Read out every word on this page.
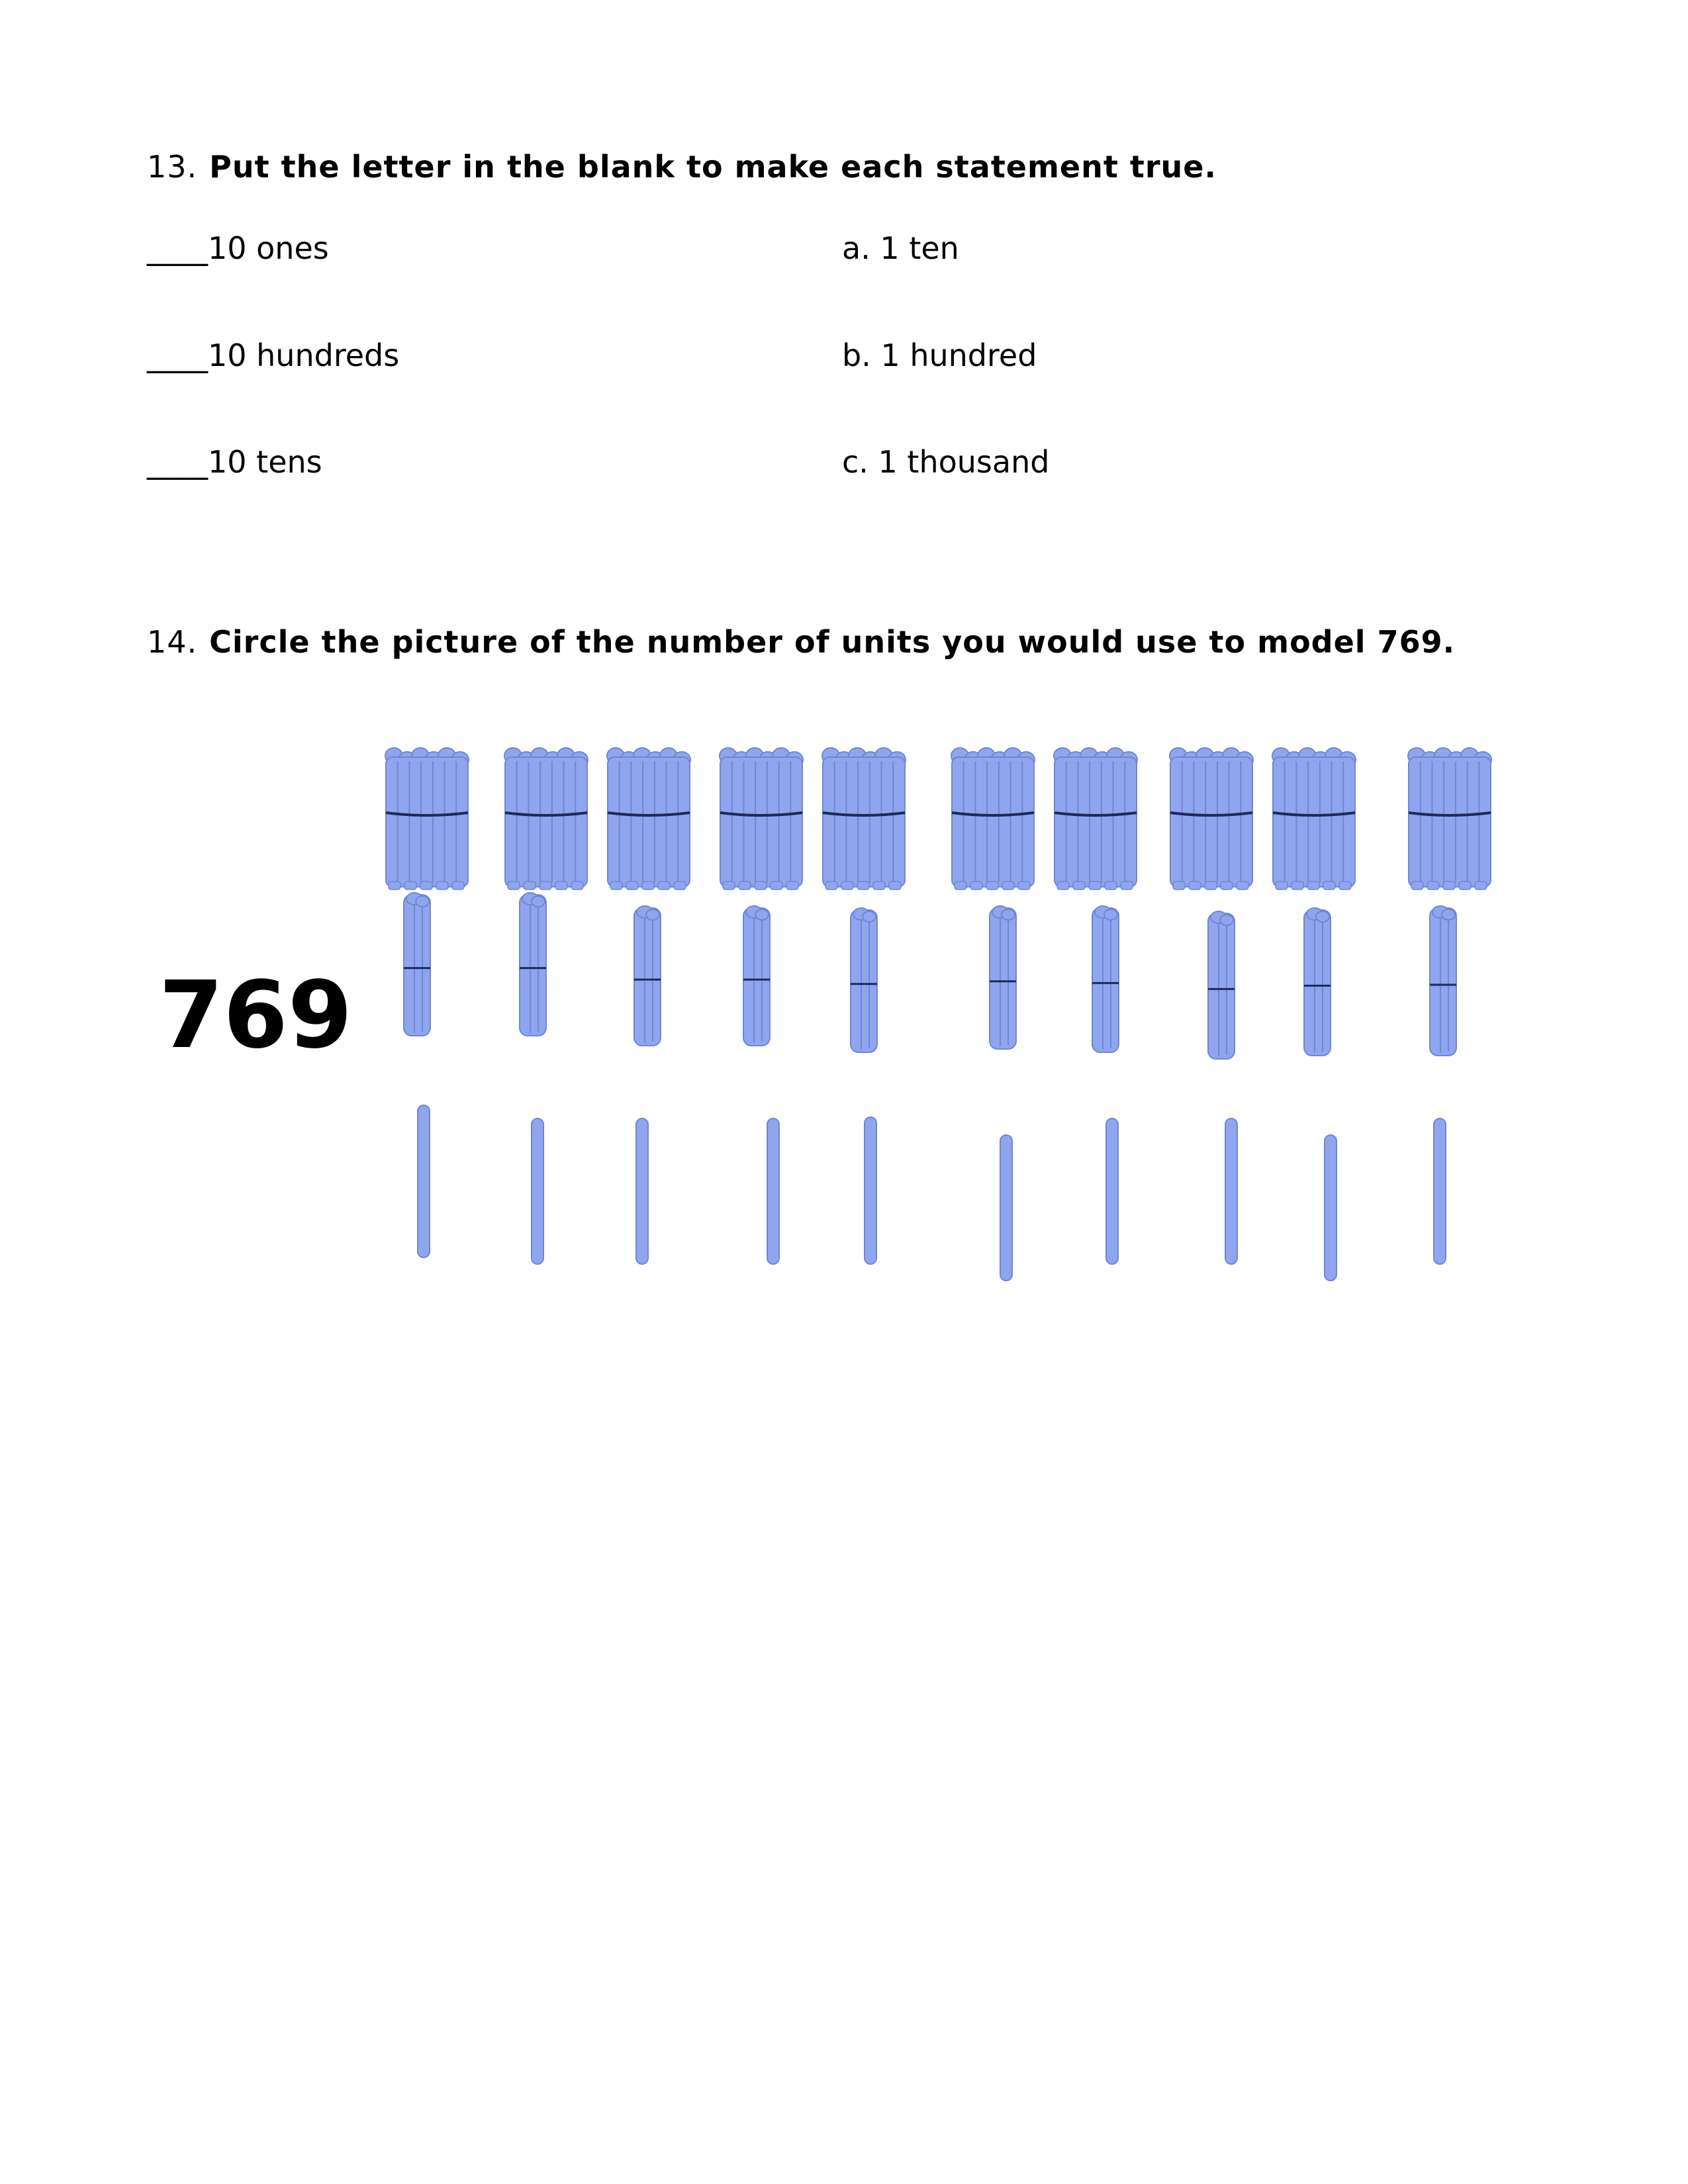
13. Put the letter in the blank to make each statement true.
____10 ones	a. 1 ten
____10 hundreds	b. 1 hundred
____10 tens	c. 1 thousand
14. Circle the picture of the number of units you would use to model 769.
769
